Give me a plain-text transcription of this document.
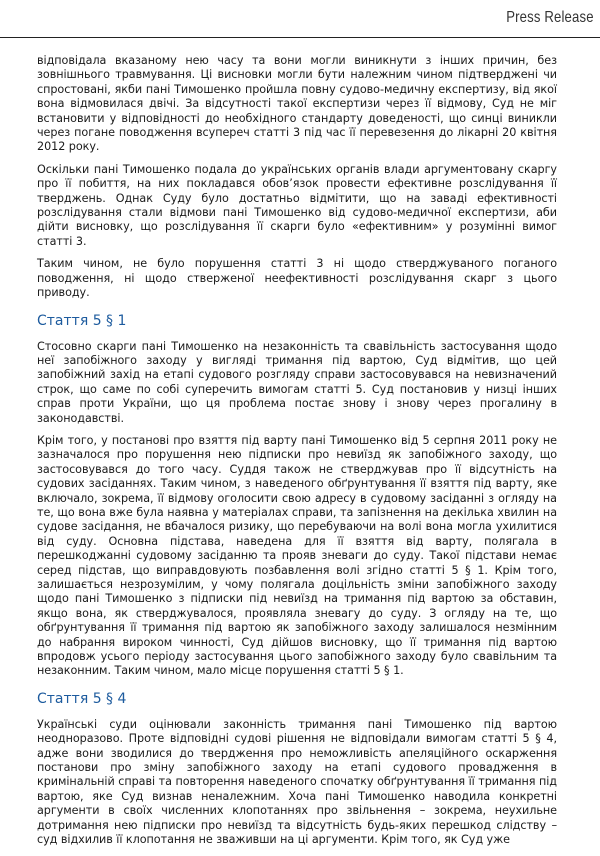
Press Release

відповідала вказаному нею часу та вони могли виникнути з інших причин, без зовнішнього травмування. Ці висновки могли бути належним чином підтверджені чи спростовані, якби пані Тимошенко пройшла повну судово-медичну експертизу, від якої вона відмовилася двічі. За відсутності такої експертизи через її відмову, Суд не міг встановити у відповідності до необхідного стандарту доведеності, що синці виникли через погане поводження всупереч статті 3 під час її перевезення до лікарні 20 квітня 2012 року.

Оскільки пані Тимошенко подала до українських органів влади аргументовану скаргу про її побиття, на них покладався обов’язок провести ефективне розслідування її тверджень. Однак Суду було достатньо відмітити, що на заваді ефективності розслідування стали відмови пані Тимошенко від судово-медичної експертизи, аби дійти висновку, що розслідування її скарги було «ефективним» у розумінні вимог статті 3.

Таким чином, не було порушення статті 3 ні щодо стверджуваного поганого поводження, ні щодо стверженої неефективності розслідування скарг з цього приводу.

Стаття 5 § 1

Стосовно скарги пані Тимошенко на незаконність та свавільність застосування щодо неї запобіжного заходу у вигляді тримання під вартою, Суд відмітив, що цей запобіжний захід на етапі судового розгляду справи застосовувався на невизначений строк, що саме по собі суперечить вимогам статті 5. Суд постановив у низці інших справ проти України, що ця проблема постає знову і знову через прогалину в законодавстві.

Крім того, у постанові про взяття під варту пані Тимошенко від 5 серпня 2011 року не зазначалося про порушення нею підписки про невиїзд як запобіжного заходу, що застосовувався до того часу. Суддя також не стверджував про її відсутність на судових засіданнях. Таким чином, з наведеного обґрунтування її взяття під варту, яке включало, зокрема, її відмову оголосити свою адресу в судовому засіданні з огляду на те, що вона вже була наявна у матеріалах справи, та запізнення на декілька хвилин на судове засідання, не вбачалося ризику, що перебуваючи на волі вона могла ухилитися від суду. Основна підстава, наведена для її взяття від варту, полягала в перешкоджанні судовому засіданню та прояв зневаги до суду. Такої підстави немає серед підстав, що виправдовують позбавлення волі згідно статті 5 § 1. Крім того, залишається незрозумілим, у чому полягала доцільність зміни запобіжного заходу щодо пані Тимошенко з підписки під невиїзд на тримання під вартою за обставин, якщо вона, як стверджувалося, проявляла зневагу до суду. З огляду на те, що обґрунтування її тримання під вартою як запобіжного заходу залишалося незмінним до набрання вироком чинності, Суд дійшов висновку, що її тримання під вартою впродовж усього періоду застосування цього запобіжного заходу було свавільним та незаконним. Таким чином, мало місце порушення статті 5 § 1.

Стаття 5 § 4

Українські суди оцінювали законність тримання пані Тимошенко під вартою неодноразово. Проте відповідні судові рішення не відповідали вимогам статті 5 § 4, адже вони зводилися до твердження про неможливість апеляційного оскарження постанови про зміну запобіжного заходу на етапі судового провадження в кримінальній справі та повторення наведеного спочатку обґрунтування її тримання під вартою, яке Суд визнав неналежним. Хоча пані Тимошенко наводила конкретні аргументи в своїх численних клопотаннях про звільнення – зокрема, неухильне дотримання нею підписки про невиїзд та відсутність будь-яких перешкод слідству – суд відхилив її клопотання не зваживши на ці аргументи. Крім того, як Суд уже
